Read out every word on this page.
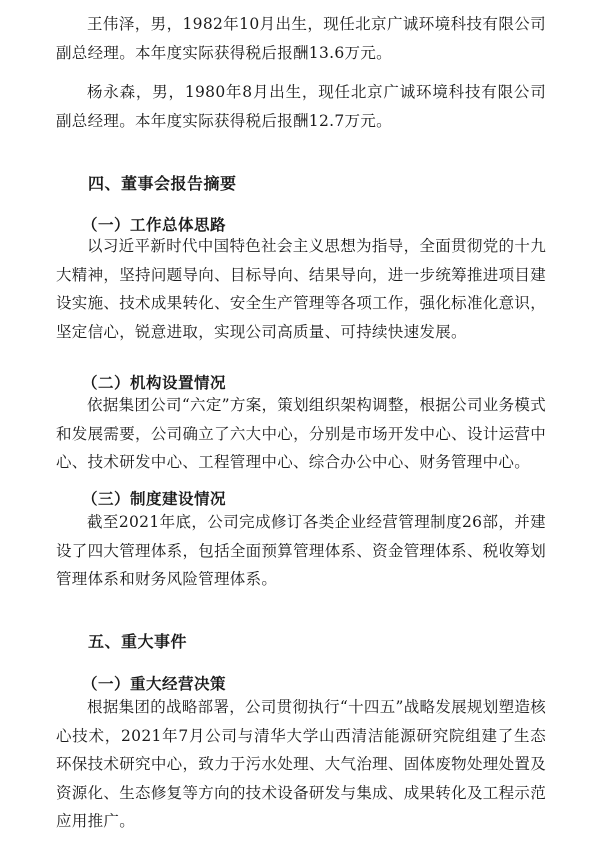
王伟泽，男，1982年10月出生，现任北京广诚环境科技有限公司副总经理。本年度实际获得税后报酬13.6万元。

杨永森，男，1980年8月出生，现任北京广诚环境科技有限公司副总经理。本年度实际获得税后报酬12.7万元。

四、董事会报告摘要
（一）工作总体思路

以习近平新时代中国特色社会主义思想为指导，全面贯彻党的十九大精神，坚持问题导向、目标导向、结果导向，进一步统筹推进项目建设实施、技术成果转化、安全生产管理等各项工作，强化标准化意识，坚定信心，锐意进取，实现公司高质量、可持续快速发展。

（二）机构设置情况

依据集团公司“六定”方案，策划组织架构调整，根据公司业务模式和发展需要，公司确立了六大中心，分别是市场开发中心、设计运营中心、技术研发中心、工程管理中心、综合办公中心、财务管理中心。

（三）制度建设情况

截至2021年底，公司完成修订各类企业经营管理制度26部，并建设了四大管理体系，包括全面预算管理体系、资金管理体系、税收筹划管理体系和财务风险管理体系。

五、重大事件
（一）重大经营决策

根据集团的战略部署，公司贯彻执行“十四五”战略发展规划塑造核心技术，2021年7月公司与清华大学山西清洁能源研究院组建了生态环保技术研究中心，致力于污水处理、大气治理、固体废物处理处置及资源化、生态修复等方向的技术设备研发与集成、成果转化及工程示范应用推广。
